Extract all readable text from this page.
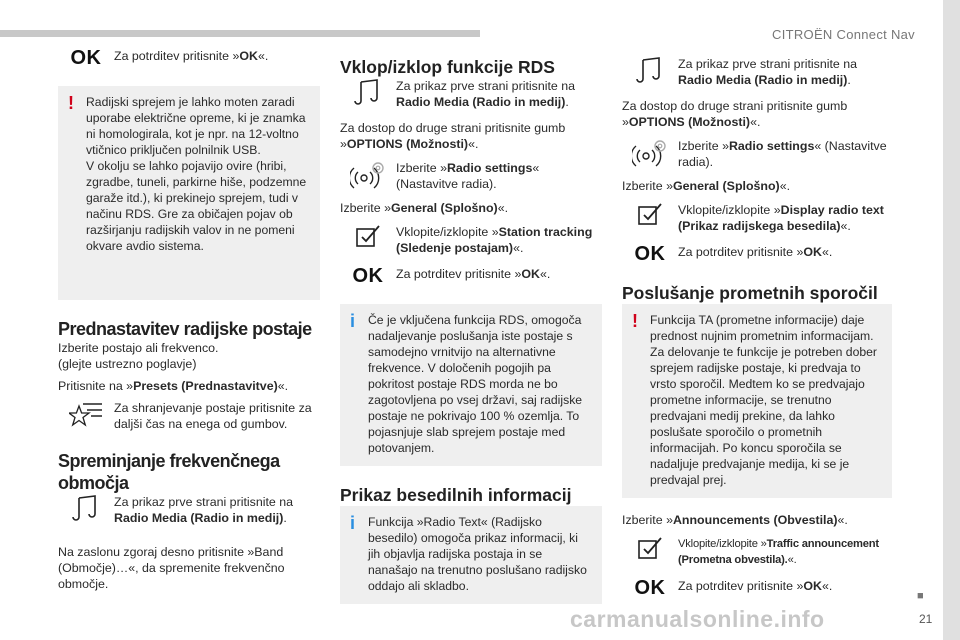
CITROËN Connect Nav
■
21
carmanualsonline.info
OK Za potrditev pritisnite »OK«.

! Radijski sprejem je lahko moten zaradi uporabe električne opreme, ki je znamka ni homologirala, kot je npr. na 12-voltno vtičnico priključen polnilnik USB.
V okolju se lahko pojavijo ovire (hribi, zgradbe, tuneli, parkirne hiše, podzemne garaže itd.), ki prekinejo sprejem, tudi v načinu RDS. Gre za običajen pojav ob razširjanju radijskih valov in ne pomeni okvare avdio sistema.

Prednastavitev radijske postaje

Izberite postajo ali frekvenco.
(glejte ustrezno poglavje)

Pritisnite na »Presets (Prednastavitve)«.

Za shranjevanje postaje pritisnite za daljši čas na enega od gumbov.

Spreminjanje frekvenčnega območja

Za prikaz prve strani pritisnite na Radio Media (Radio in medij).

Na zaslonu zgoraj desno pritisnite »Band (Območje)…«, da spremenite frekvenčno območje.

Vklop/izklop funkcije RDS

Za prikaz prve strani pritisnite na Radio Media (Radio in medij).

Za dostop do druge strani pritisnite gumb »OPTIONS (Možnosti)«.

Izberite »Radio settings« (Nastavitve radia).

Izberite »General (Splošno)«.

Vklopite/izklopite »Station tracking (Sledenje postajam)«.

OK Za potrditev pritisnite »OK«.

i Če je vključena funkcija RDS, omogoča nadaljevanje poslušanja iste postaje s samodejno vrnitvijo na alternativne frekvence. V določenih pogojih pa pokritost postaje RDS morda ne bo zagotovljena po vsej državi, saj radijske postaje ne pokrivajo 100 % ozemlja. To pojasnjuje slab sprejem postaje med potovanjem.

Prikaz besedilnih informacij
i Funkcija »Radio Text« (Radijsko besedilo) omogoča prikaz informacij, ki jih objavlja radijska postaja in se nanašajo na trenutno poslušano radijsko oddajo ali skladbo.

Za prikaz prve strani pritisnite na Radio Media (Radio in medij).

Za dostop do druge strani pritisnite gumb »OPTIONS (Možnosti)«.

Izberite »Radio settings« (Nastavitve radia).

Izberite »General (Splošno)«.

Vklopite/izklopite »Display radio text (Prikaz radijskega besedila)«.

OK Za potrditev pritisnite »OK«.

Poslušanje prometnih sporočil
! Funkcija TA (prometne informacije) daje prednost nujnim prometnim informacijam. Za delovanje te funkcije je potreben dober sprejem radijske postaje, ki predvaja to vrsto sporočil. Medtem ko se predvajajo prometne informacije, se trenutno predvajani medij prekine, da lahko poslušate sporočilo o prometnih informacijah. Po koncu sporočila se nadaljuje predvajanje medija, ki se je predvajal prej.

Izberite »Announcements (Obvestila)«.

Vklopite/izklopite »Traffic announcement (Prometna obvestila).«.

OK Za potrditev pritisnite »OK«.
